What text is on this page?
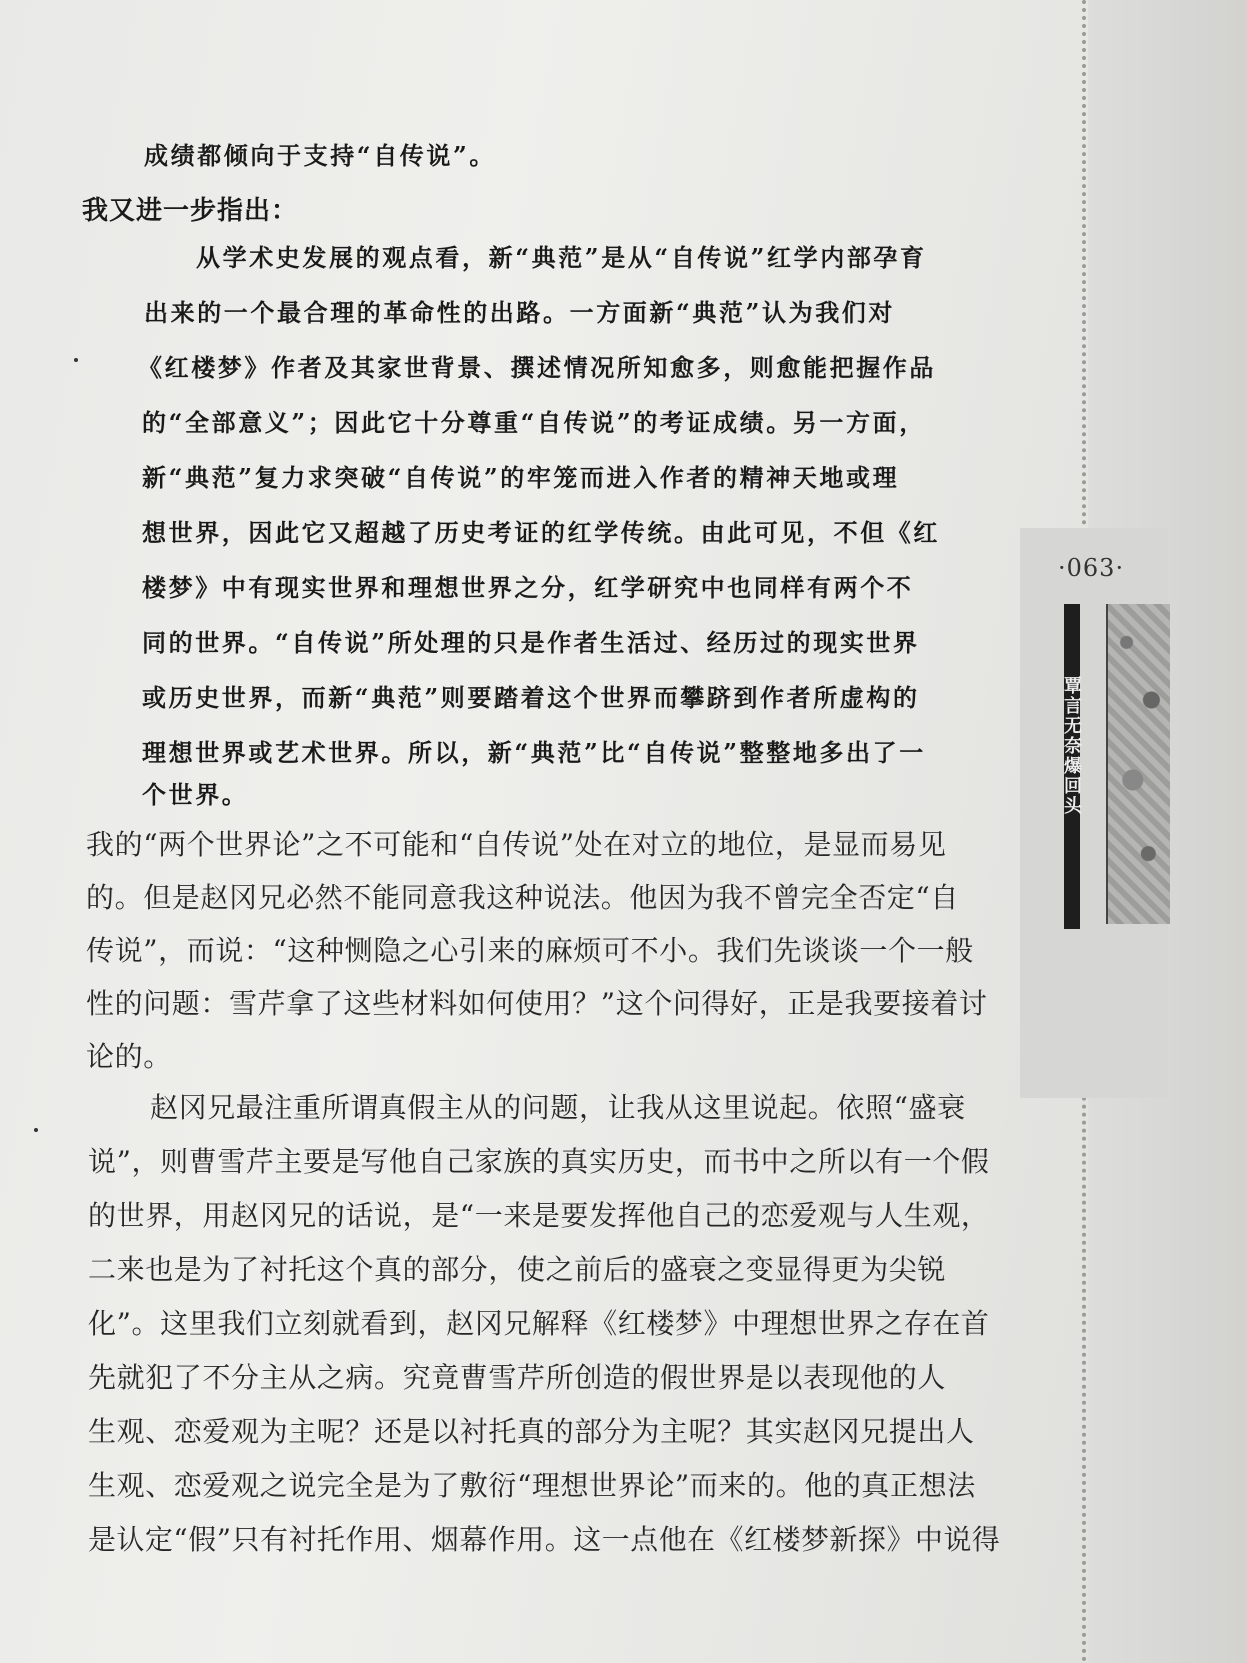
·063·
覃言无奈爆回头
成绩都倾向于支持“自传说”。
我又进一步指出：
从学术史发展的观点看，新“典范”是从“自传说”红学内部孕育
出来的一个最合理的革命性的出路。一方面新“典范”认为我们对
《红楼梦》作者及其家世背景、撰述情况所知愈多，则愈能把握作品
的“全部意义”；因此它十分尊重“自传说”的考证成绩。另一方面，
新“典范”复力求突破“自传说”的牢笼而进入作者的精神天地或理
想世界，因此它又超越了历史考证的红学传统。由此可见，不但《红
楼梦》中有现实世界和理想世界之分，红学研究中也同样有两个不
同的世界。“自传说”所处理的只是作者生活过、经历过的现实世界
或历史世界，而新“典范”则要踏着这个世界而攀跻到作者所虚构的
理想世界或艺术世界。所以，新“典范”比“自传说”整整地多出了一
个世界。
我的“两个世界论”之不可能和“自传说”处在对立的地位，是显而易见
的。但是赵冈兄必然不能同意我这种说法。他因为我不曾完全否定“自
传说”，而说：“这种恻隐之心引来的麻烦可不小。我们先谈谈一个一般
性的问题：雪芹拿了这些材料如何使用？”这个问得好，正是我要接着讨
论的。
赵冈兄最注重所谓真假主从的问题，让我从这里说起。依照“盛衰
说”，则曹雪芹主要是写他自己家族的真实历史，而书中之所以有一个假
的世界，用赵冈兄的话说，是“一来是要发挥他自己的恋爱观与人生观，
二来也是为了衬托这个真的部分，使之前后的盛衰之变显得更为尖锐
化”。这里我们立刻就看到，赵冈兄解释《红楼梦》中理想世界之存在首
先就犯了不分主从之病。究竟曹雪芹所创造的假世界是以表现他的人
生观、恋爱观为主呢？还是以衬托真的部分为主呢？其实赵冈兄提出人
生观、恋爱观之说完全是为了敷衍“理想世界论”而来的。他的真正想法
是认定“假”只有衬托作用、烟幕作用。这一点他在《红楼梦新探》中说得
